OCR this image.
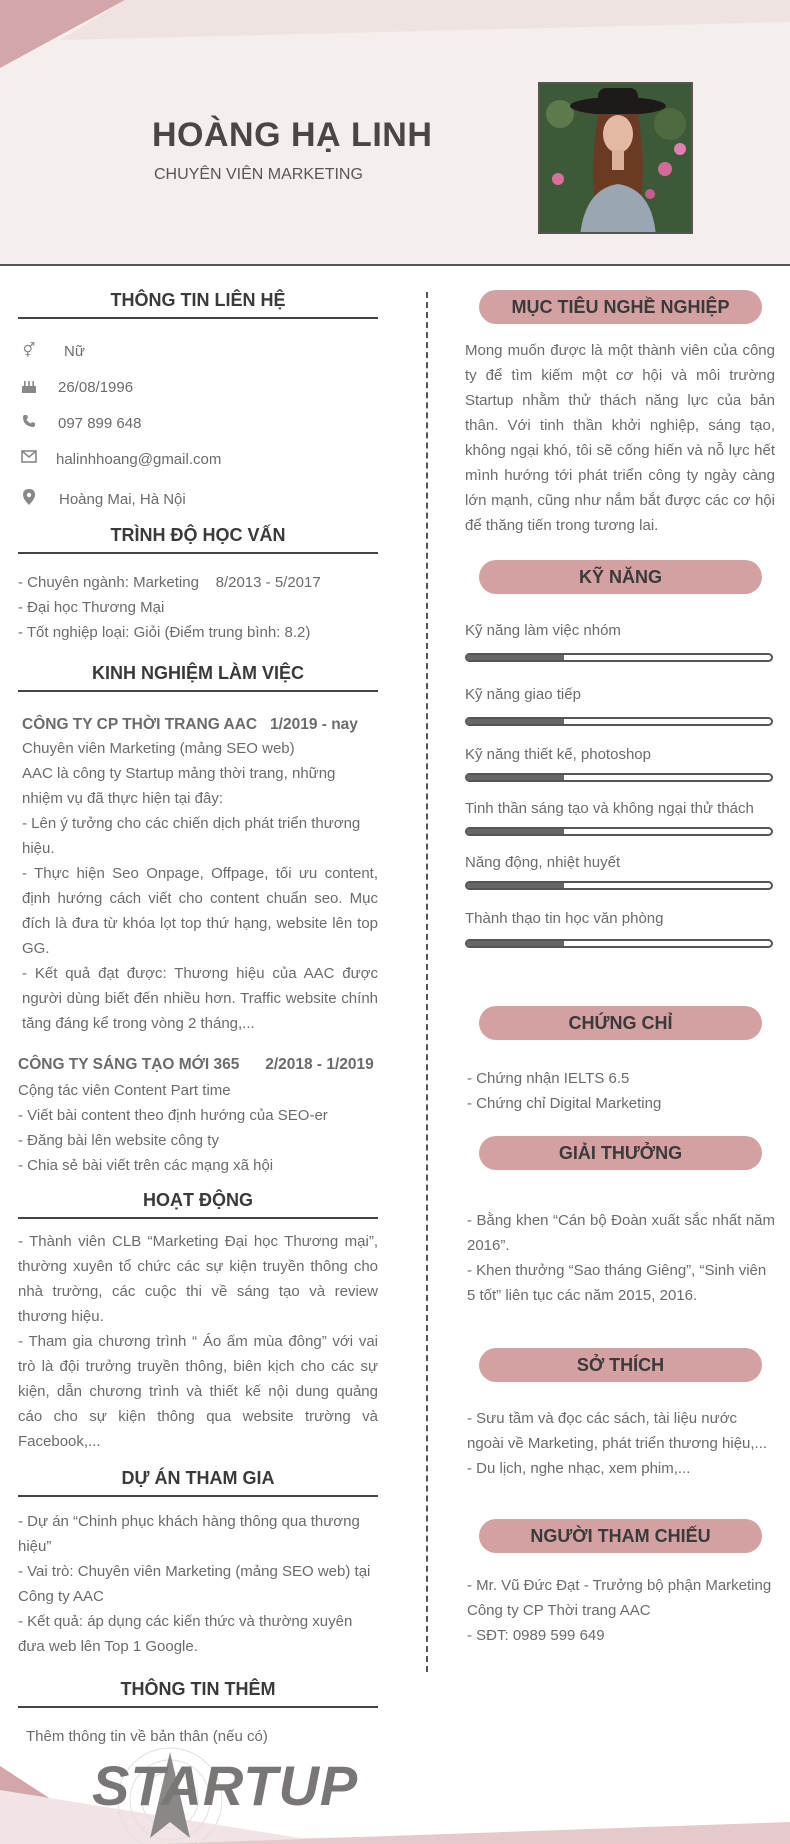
HOÀNG HẠ LINH
CHUYÊN VIÊN MARKETING
THÔNG TIN LIÊN HỆ
⚥ Nữ
26/08/1996
097 899 648
halinhhoang@gmail.com
Hoàng Mai, Hà Nội
TRÌNH ĐỘ HỌC VẤN
- Chuyên ngành: Marketing    8/2013 - 5/2017
- Đại học Thương Mại
- Tốt nghiệp loại: Giỏi (Điểm trung bình: 8.2)
KINH NGHIỆM LÀM VIỆC
CÔNG TY CP THỜI TRANG AAC   1/2019 - nay
Chuyên viên Marketing (mảng SEO web)
AAC là công ty Startup mảng thời trang, những nhiệm vụ đã thực hiện tại đây:
- Lên ý tưởng cho các chiến dịch phát triển thương hiệu.
- Thực hiện Seo Onpage, Offpage, tối ưu content, định hướng cách viết cho content chuẩn seo. Mục đích là đưa từ khóa lọt top thứ hạng, website lên top GG.
- Kết quả đạt được: Thương hiệu của AAC được người dùng biết đến nhiều hơn. Traffic website chính tăng đáng kể trong vòng 2 tháng,...
CÔNG TY SÁNG TẠO MỚI 365      2/2018 - 1/2019
Cộng tác viên Content Part time
- Viết bài content theo định hướng của SEO-er
- Đăng bài lên website công ty
- Chia sẻ bài viết trên các mạng xã hội
HOẠT ĐỘNG
- Thành viên CLB “Marketing Đại học Thương mại”, thường xuyên tổ chức các sự kiện truyền thông cho nhà trường, các cuộc thi về sáng tạo và review thương hiệu.
- Tham gia chương trình “ Áo ấm mùa đông” với vai trò là đội trưởng truyền thông, biên kịch cho các sự kiện, dẫn chương trình và thiết kế nội dung quảng cáo cho sự kiện thông qua website trường và Facebook,...
DỰ ÁN THAM GIA
- Dự án “Chinh phục khách hàng thông qua thương hiệu”
- Vai trò: Chuyên viên Marketing (mảng SEO web) tại Công ty AAC
- Kết quả: áp dụng các kiến thức và thường xuyên đưa web lên Top 1 Google.
THÔNG TIN THÊM
Thêm thông tin về bản thân (nếu có)
MỤC TIÊU NGHỀ NGHIỆP
Mong muốn được là một thành viên của công ty để tìm kiếm một cơ hội và môi trường Startup nhằm thử thách năng lực của bản thân. Với tinh thần khởi nghiệp, sáng tạo, không ngại khó, tôi sẽ cống hiến và nỗ lực hết mình hướng tới phát triển công ty ngày càng lớn mạnh, cũng như nắm bắt được các cơ hội để thăng tiến trong tương lai.
KỸ NĂNG
Kỹ năng làm việc nhóm
Kỹ năng giao tiếp
Kỹ năng thiết kế, photoshop
Tinh thần sáng tạo và không ngại thử thách
Năng động, nhiệt huyết
Thành thạo tin học văn phòng
CHỨNG CHỈ
- Chứng nhận IELTS 6.5
- Chứng chỉ Digital Marketing
GIẢI THƯỞNG
- Bằng khen “Cán bộ Đoàn xuất sắc nhất năm 2016”.
- Khen thưởng “Sao tháng Giêng”, “Sinh viên 5 tốt” liên tục các năm 2015, 2016.
SỞ THÍCH
- Sưu tầm và đọc các sách, tài liệu nước ngoài về Marketing, phát triển thương hiệu,...
- Du lịch, nghe nhạc, xem phim,...
NGƯỜI THAM CHIẾU
- Mr. Vũ Đức Đạt - Trưởng bộ phận Marketing Công ty CP Thời trang AAC
- SĐT: 0989 599 649
STARTUP
